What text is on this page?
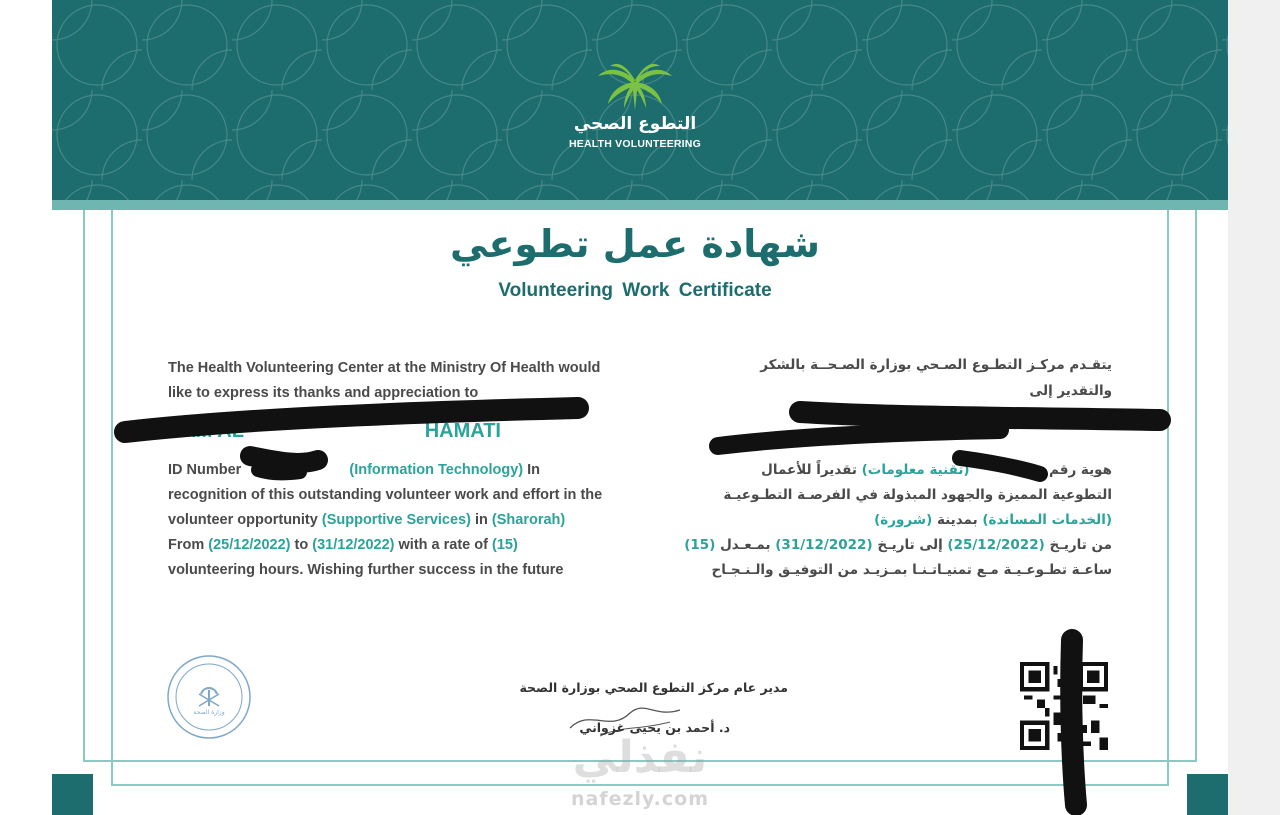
التطوع الصحي
HEALTH VOLUNTEERING
شهادة عمل تطوعي
Volunteering Work Certificate
The Health Volunteering Center at the Ministry Of Health would
like to express its thanks and appreciation to
SAM AL	HAMATI
ID Number	(Information Technology) In
recognition of this outstanding volunteer work and effort in the
volunteer opportunity (Supportive Services) in (Sharorah)
From (25/12/2022) to (31/12/2022) with a rate of (15)
volunteering hours. Wishing further success in the future
يتقـدم مركـز التطـوع الصـحي بوزارة الصـحــة بالشكر
والتقدير إلى
يم
هوية رقم  (تقنية معلومات) تقديراً للأعمال
التطوعية المميزة والجهود المبذولة في الفرصـة التطـوعيـة
(الخدمات المساندة) بمدينة (شرورة)
من تاريـخ (25/12/2022) إلى تاريـخ (31/12/2022) بمـعـدل (15)
ساعـة تطـوعـيـة مـع تمنيـاتـنـا بمـزيـد من التوفيـق والـنـجـاح
وزارة الصحة
مدير عام مركز التطوع الصحي بوزارة الصحة
د. أحمد بن يحيى غزواني
نفذلي
nafezly.com
